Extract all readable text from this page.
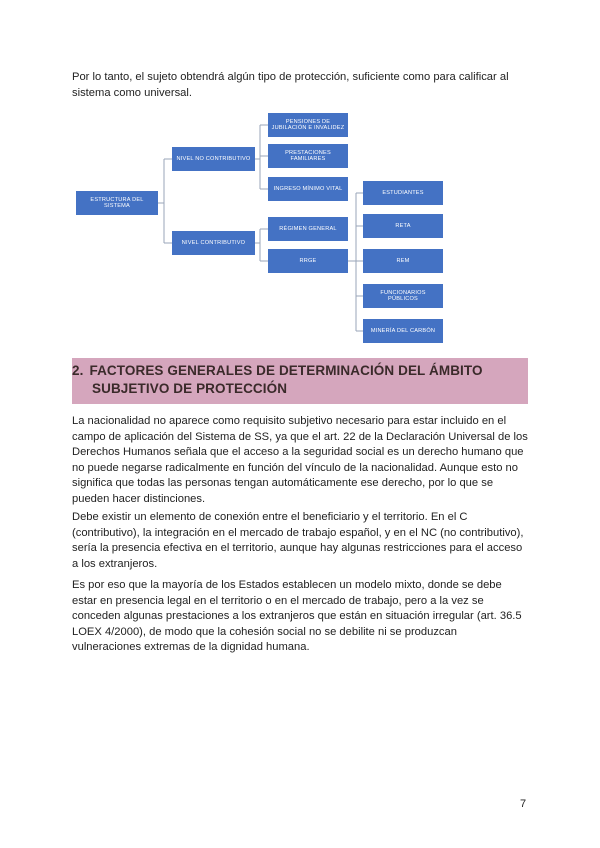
Por lo tanto, el sujeto obtendrá algún tipo de protección, suficiente como para calificar al sistema como universal.

ESTRUCTURA DEL SISTEMA
NIVEL NO CONTRIBUTIVO
NIVEL CONTRIBUTIVO
PENSIONES DE JUBILACIÓN E INVALIDEZ
PRESTACIONES FAMILIARES
INGRESO MÍNIMO VITAL
RÉGIMEN GENERAL
RRGE
ESTUDIANTES
RETA
REM
FUNCIONARIOS PÚBLICOS
MINERÍA DEL CARBÓN
2. FACTORES GENERALES DE DETERMINACIÓN DEL ÁMBITO SUBJETIVO DE PROTECCIÓN

La nacionalidad no aparece como requisito subjetivo necesario para estar incluido en el campo de aplicación del Sistema de SS, ya que el art. 22 de la Declaración Universal de los Derechos Humanos señala que el acceso a la seguridad social es un derecho humano que no puede negarse radicalmente en función del vínculo de la nacionalidad. Aunque esto no significa que todas las personas tengan automáticamente ese derecho, por lo que se pueden hacer distinciones.

Debe existir un elemento de conexión entre el beneficiario y el territorio. En el C (contributivo), la integración en el mercado de trabajo español, y en el NC (no contributivo), sería la presencia efectiva en el territorio, aunque hay algunas restricciones para el acceso a los extranjeros.

Es por eso que la mayoría de los Estados establecen un modelo mixto, donde se debe estar en presencia legal en el territorio o en el mercado de trabajo, pero a la vez se conceden algunas prestaciones a los extranjeros que están en situación irregular (art. 36.5 LOEX 4/2000), de modo que la cohesión social no se debilite ni se produzcan vulneraciones extremas de la dignidad humana.

7
